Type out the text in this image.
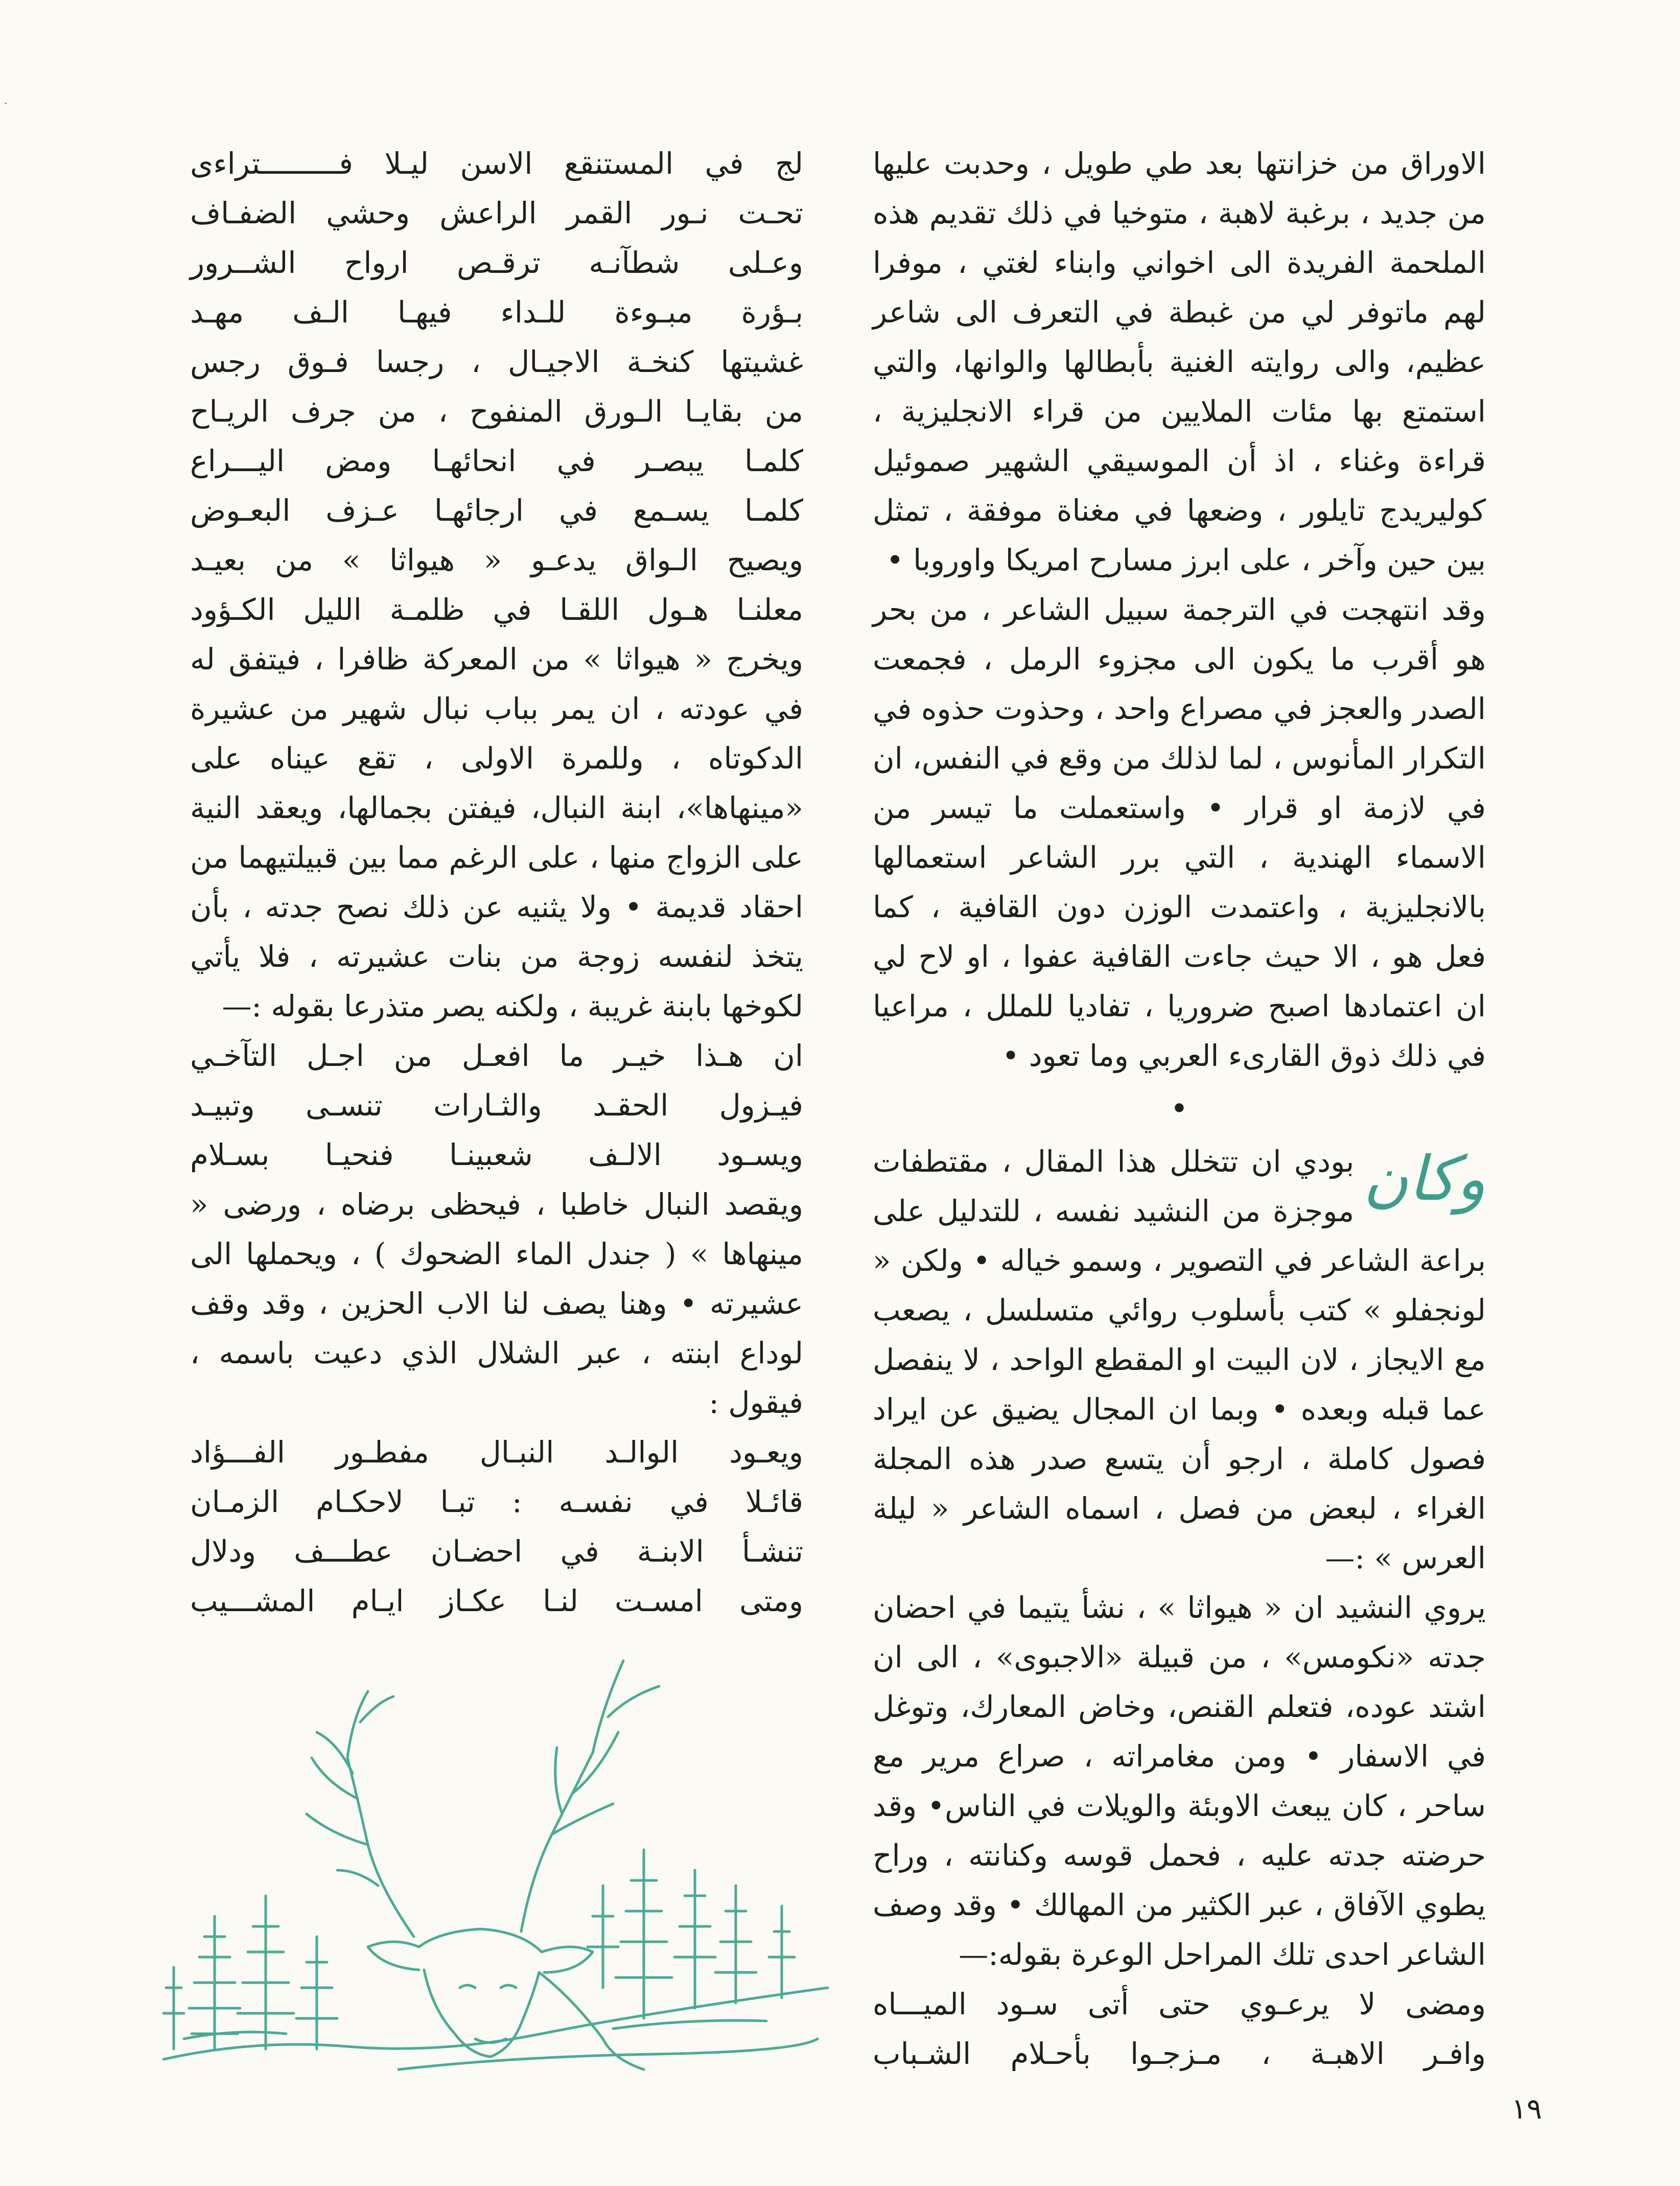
·

الاوراق من خزانتها بعد طي طويل ، وحدبت عليها من جديد ، برغبة لاهبة ، متوخيا في ذلك تقديم هذه الملحمة الفريدة الى اخواني وابناء لغتي ، موفرا لهم ماتوفر لي من غبطة في التعرف الى شاعر عظيم، والى روايته الغنية بأبطالها والوانها، والتي استمتع بها مئات الملايين من قراء الانجليزية ، قراءة وغناء ، اذ أن الموسيقي الشهير صموئيل كوليريدج تايلور ، وضعها في مغناة موفقة ، تمثل بين حين وآخر ، على ابرز مسارح امريكا واوروبا •

وقد انتهجت في الترجمة سبيل الشاعر ، من بحر هو أقرب ما يكون الى مجزوء الرمل ، فجمعت الصدر والعجز في مصراع واحد ، وحذوت حذوه في التكرار المأنوس ، لما لذلك من وقع في النفس، ان في لازمة او قرار • واستعملت ما تيسر من الاسماء الهندية ، التي برر الشاعر استعمالها بالانجليزية ، واعتمدت الوزن دون القافية ، كما فعل هو ، الا حيث جاءت القافية عفوا ، او لاح لي ان اعتمادها اصبح ضروريا ، تفاديا للملل ، مراعيا في ذلك ذوق القارىء العربي وما تعود •

•

وكان
بودي ان تتخلل هذا المقال ، مقتطفات موجزة من النشيد نفسه ، للتدليل على براعة الشاعر في التصوير ، وسمو خياله • ولكن « لونجفلو » كتب بأسلوب روائي متسلسل ، يصعب مع الايجاز ، لان البيت او المقطع الواحد ، لا ينفصل عما قبله وبعده • وبما ان المجال يضيق عن ايراد فصول كاملة ، ارجو أن يتسع صدر هذه المجلة الغراء ، لبعض من فصل ، اسماه الشاعر « ليلة العرس » :—

يروي النشيد ان « هيواثا » ، نشأ يتيما في احضان جدته «نكومس» ، من قبيلة «الاجبوى» ، الى ان اشتد عوده، فتعلم القنص، وخاض المعارك، وتوغل في الاسفار • ومن مغامراته ، صراع مرير مع ساحر ، كان يبعث الاوبئة والويلات في الناس• وقد حرضته جدته عليه ، فحمل قوسه وكنانته ، وراح يطوي الآفاق ، عبر الكثير من المهالك • وقد وصف الشاعر احدى تلك المراحل الوعرة بقوله:—

ومضى لا يرعـوي حتى أتى سـود الميـــاه

وافـر الاهبـة ، مـزجـوا بأحـلام الشـباب

لج في المستنقع الاسن ليـلا فـــــــــتراءى

تحـت نـور القمر الراعش وحشي الضفـاف

وعـلى شطآنـه ترقـص ارواح الشــرور

بـؤرة مبـوءة للـداء فيهـا الـف مهـد

غشيتها كنخـة الاجيـال ، رجسا فـوق رجس

من بقايـا الـورق المنفوح ، من جرف الريـاح

كلمـا يبصـر في انحائهـا ومض اليـــراع

كلمـا يسـمع في ارجائهـا عـزف البعـوض

ويصيح الـواق يدعـو « هيواثا » من بعيـد

معلنـا هـول اللقـا في ظلمـة الليل الكـؤود

ويخرج « هيواثا » من المعركة ظافرا ، فيتفق له في عودته ، ان يمر بباب نبال شهير من عشيرة الدكوتاه ، وللمرة الاولى ، تقع عيناه على «مينهاها»، ابنة النبال، فيفتن بجمالها، ويعقد النية على الزواج منها ، على الرغم مما بين قبيلتيهما من احقاد قديمة • ولا يثنيه عن ذلك نصح جدته ، بأن يتخذ لنفسه زوجة من بنات عشيرته ، فلا يأتي لكوخها بابنة غريبة ، ولكنه يصر متذرعا بقوله :—

ان هـذا خيـر ما افعـل من اجـل التآخـي

فيـزول الحقـد والثـارات تنسـى وتبيـد

ويسـود الالـف شعبينـا فنحيـا بسـلام

ويقصد النبال خاطبا ، فيحظى برضاه ، ورضى « مينهاها » ( جندل الماء الضحوك ) ، ويحملها الى عشيرته • وهنا يصف لنا الاب الحزين ، وقد وقف لوداع ابنته ، عبر الشلال الذي دعيت باسمه ، فيقول :

ويعـود الوالـد النبـال مفطـور الفـــؤاد

قائـلا في نفسـه : تبـا لاحكـام الزمـان

تنشـأ الابنـة في احضـان عطـــف ودلال

ومتى امسـت لنـا عكـاز ايـام المشـــيب

١٩
